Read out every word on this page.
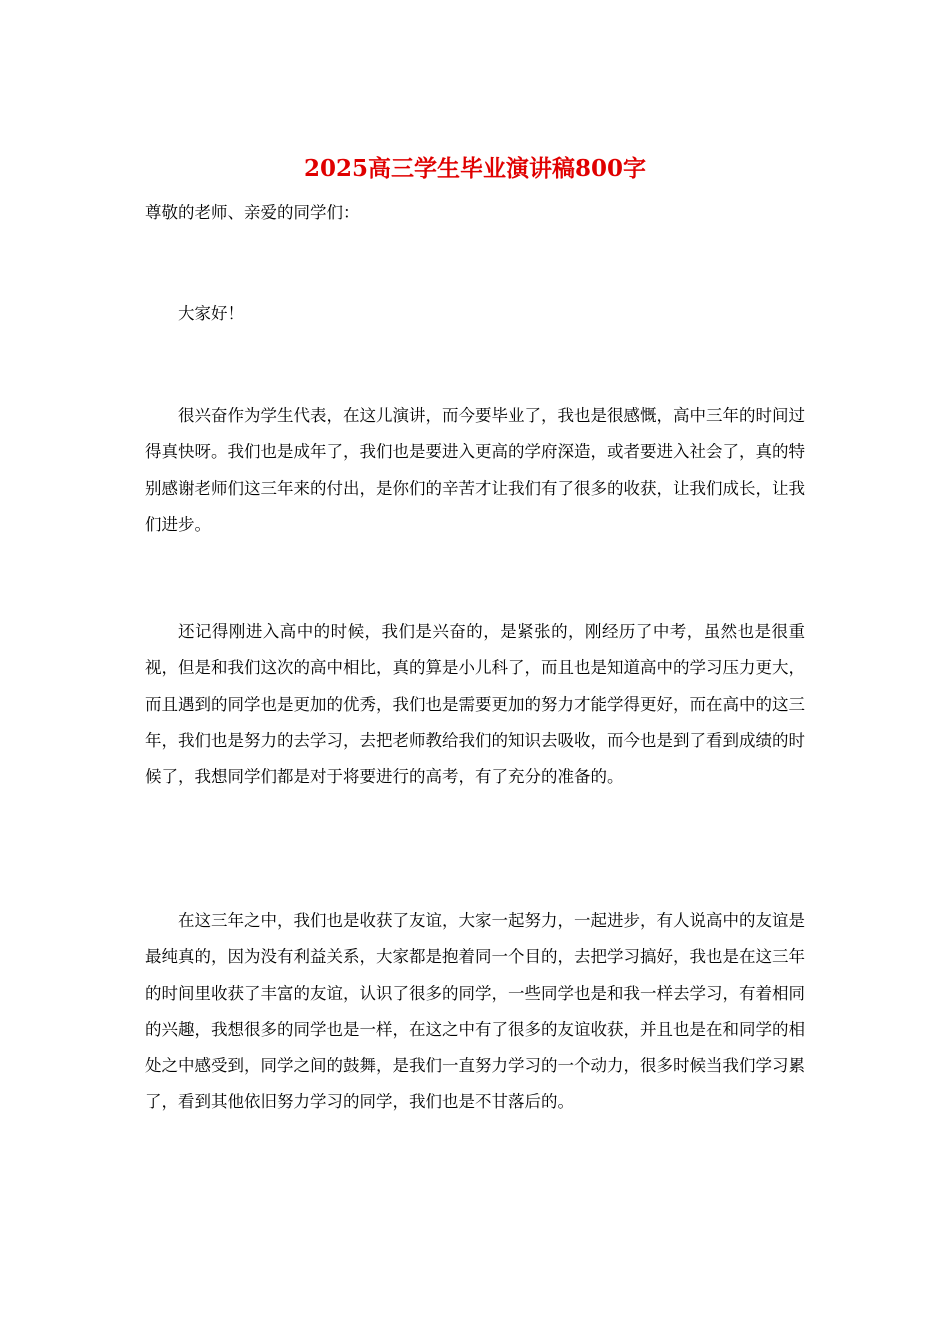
2025高三学生毕业演讲稿800字
尊敬的老师、亲爱的同学们：

大家好！

很兴奋作为学生代表，在这儿演讲，而今要毕业了，我也是很感慨，高中三年的时间过得真快呀。我们也是成年了，我们也是要进入更高的学府深造，或者要进入社会了，真的特别感谢老师们这三年来的付出，是你们的辛苦才让我们有了很多的收获，让我们成长，让我们进步。

还记得刚进入高中的时候，我们是兴奋的，是紧张的，刚经历了中考，虽然也是很重视，但是和我们这次的高中相比，真的算是小儿科了，而且也是知道高中的学习压力更大，而且遇到的同学也是更加的优秀，我们也是需要更加的努力才能学得更好，而在高中的这三年，我们也是努力的去学习，去把老师教给我们的知识去吸收，而今也是到了看到成绩的时候了，我想同学们都是对于将要进行的高考，有了充分的准备的。

在这三年之中，我们也是收获了友谊，大家一起努力，一起进步，有人说高中的友谊是最纯真的，因为没有利益关系，大家都是抱着同一个目的，去把学习搞好，我也是在这三年的时间里收获了丰富的友谊，认识了很多的同学，一些同学也是和我一样去学习，有着相同的兴趣，我想很多的同学也是一样，在这之中有了很多的友谊收获，并且也是在和同学的相处之中感受到，同学之间的鼓舞，是我们一直努力学习的一个动力，很多时候当我们学习累了，看到其他依旧努力学习的同学，我们也是不甘落后的。
